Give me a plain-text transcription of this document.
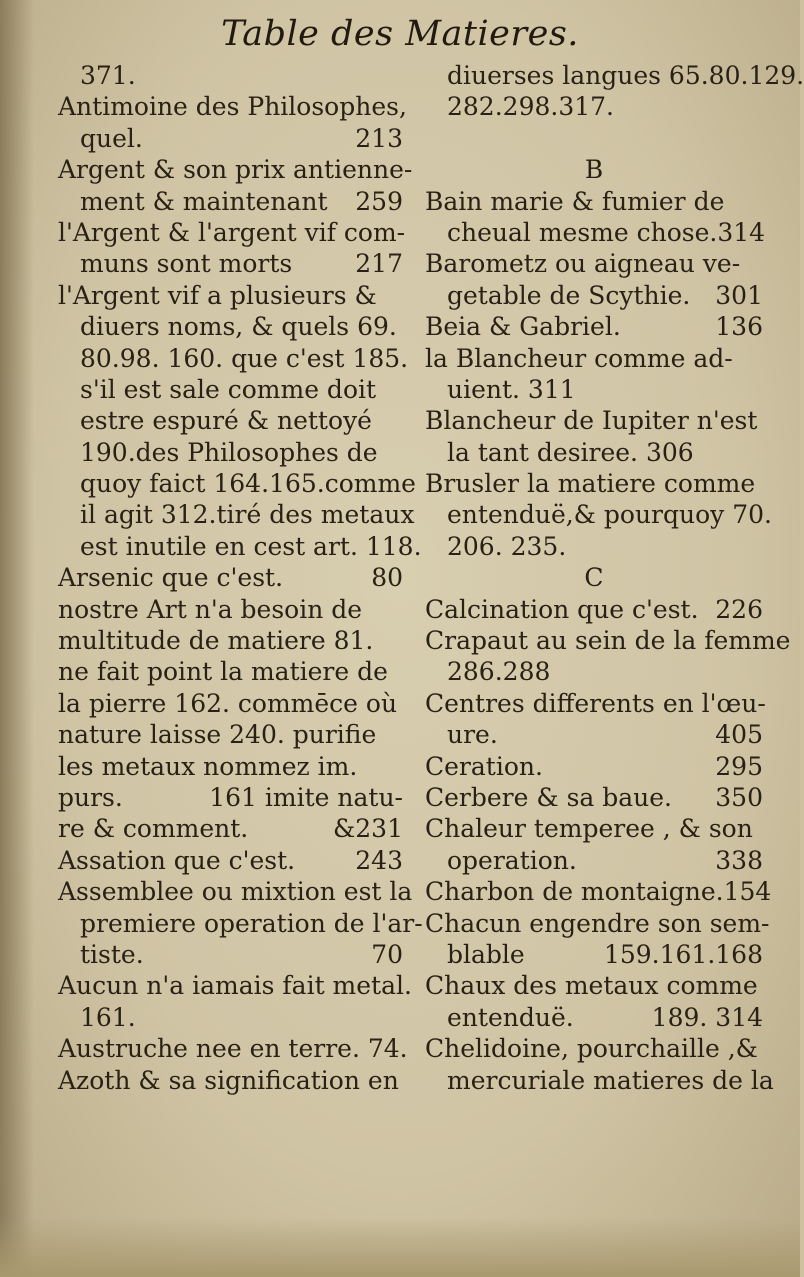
Table des Matieres.
371.
Antimoine des Philosophes,
quel.	213
Argent & son prix antienne-
ment & maintenant 259
l'Argent & l'argent vif com-
muns sont morts	217
l'Argent vif a plusieurs &
diuers noms, & quels 69.
80.98. 160. que c'est 185.
s'il est sale comme doit
estre espuré & nettoyé
190.des Philosophes de
quoy faict 164.165.comme
il agit 312.tiré des metaux
est inutile en cest art. 118.
Arsenic que c'est.	80
nostre Art n'a besoin de
multitude de matiere 81.
ne fait point la matiere de
la pierre 162. commēce où
nature laisse 240. purifie
les metaux nommez im.
purs.	161 imite natu-
re & comment.	&231
Assation que c'est. 243
Assemblee ou mixtion est la
premiere operation de l'ar-
tiste.	70
Aucun n'a iamais fait metal.
161.
Austruche nee en terre. 74.
Azoth & sa signification en
diuerses langues 65.80.129.
282.298.317.
B
Bain marie & fumier de
cheual mesme chose. 314
Barometz ou aigneau ve-
getable de Scythie. 301
Beia & Gabriel.	136
la Blancheur comme ad-
uient. 311
Blancheur de Iupiter n'est
la tant desiree. 306
Brusler la matiere comme
entenduë,& pourquoy 70.
206. 235.
C
Calcination que c'est. 226
Crapaut au sein de la femme
286.288
Centres differents en l'œu-
ure.	405
Ceration.	295
Cerbere & sa baue. 350
Chaleur temperee , & son
operation.	338
Charbon de montaigne.154
Chacun engendre son sem-
blable	159.161.168
Chaux des metaux comme
entenduë.	189. 314
Chelidoine, pourchaille ,&
mercuriale matieres de la
